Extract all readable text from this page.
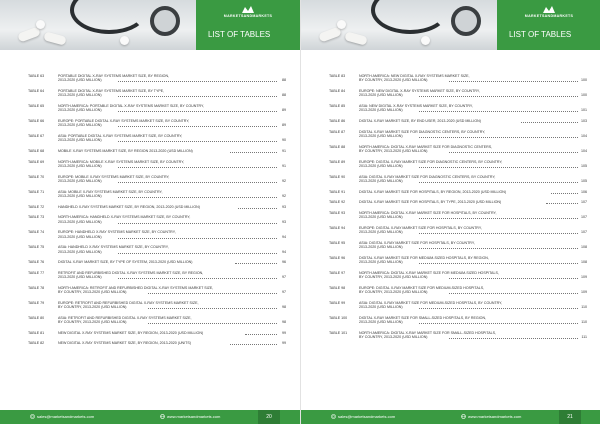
MARKETSANDMARKETS
LIST OF TABLES
TABLE 63	PORTABLE DIGITAL X-RAY SYSTEMS MARKET SIZE, BY REGION,
2013-2020 (USD MILLION)	88
TABLE 64	PORTABLE DIGITAL X-RAY SYSTEMS MARKET SIZE, BY TYPE,
2013-2020 (USD MILLION)	88
TABLE 65	NORTH AMERICA: PORTABLE DIGITAL X-RAY SYSTEMS MARKET SIZE, BY COUNTRY,
2013-2020 (USD MILLION)	89
TABLE 66	EUROPE: PORTABLE DIGITAL X-RAY SYSTEMS MARKET SIZE, BY COUNTRY,
2013-2020 (USD MILLION)	89
TABLE 67	ASIA: PORTABLE DIGITAL X-RAY SYSTEMS MARKET SIZE, BY COUNTRY,
2013-2020 (USD MILLION)	90
TABLE 68	MOBILE X-RAY SYSTEMS MARKET SIZE, BY REGION 2013-2020 (USD MILLION)	91
TABLE 69	NORTH AMERICA: MOBILE X-RAY SYSTEMS MARKET SIZE, BY COUNTRY,
2013-2020 (USD MILLION)	91
TABLE 70	EUROPE: MOBILE X-RAY SYSTEMS MARKET SIZE, BY COUNTRY,
2013-2020 (USD MILLION)	92
TABLE 71	ASIA: MOBILE X-RAY SYSTEMS MARKET SIZE, BY COUNTRY,
2013-2020 (USD MILLION)	92
TABLE 72	HANDHELD X-RAY SYSTEMS MARKET SIZE, BY REGION, 2013-2020 (USD MILLION)	93
TABLE 73	NORTH AMERICA: HANDHELD X-RAY SYSTEMS MARKET SIZE, BY COUNTRY,
2013-2020 (USD MILLION)	93
TABLE 74	EUROPE: HANDHELD X-RAY SYSTEMS MARKET SIZE, BY COUNTRY,
2013-2020 (USD MILLION)	94
TABLE 75	ASIA: HANDHELD X-RAY SYSTEMS MARKET SIZE, BY COUNTRY,
2013-2020 (USD MILLION)	94
TABLE 76	DIGITAL X-RAY MARKET SIZE, BY TYPE OF SYSTEM, 2013-2020 (USD MILLION)	96
TABLE 77	RETROFIT AND REFURBISHED DIGITAL X-RAY SYSTEMS MARKET SIZE, BY REGION,
2013-2020 (USD MILLION)	97
TABLE 78	NORTH AMERICA: RETROFIT AND REFURBISHED DIGITAL X-RAY SYSTEMS MARKET SIZE,
BY COUNTRY, 2013-2020 (USD MILLION)	97
TABLE 79	EUROPE: RETROFIT AND REFURBISHED DIGITAL X-RAY SYSTEMS MARKET SIZE,
BY COUNTRY, 2013-2020 (USD MILLION)	98
TABLE 80	ASIA: RETROFIT AND REFURBISHED DIGITAL X-RAY SYSTEMS MARKET SIZE,
BY COUNTRY, 2013-2020 (USD MILLION)	98
TABLE 81	NEW DIGITAL X-RAY SYSTEMS MARKET SIZE, BY REGION, 2013-2020 (USD MILLION)	99
TABLE 82	NEW DIGITAL X-RAY SYSTEMS MARKET SIZE, BY REGION, 2013-2020 (UNITS)	99
sales@marketsandmarkets.com	www.marketsandmarkets.com	20
MARKETSANDMARKETS
LIST OF TABLES
TABLE 83	NORTH AMERICA: NEW DIGITAL X-RAY SYSTEMS MARKET SIZE,
BY COUNTRY, 2013-2020 (USD MILLION)	100
TABLE 84	EUROPE: NEW DIGITAL X-RAY SYSTEMS MARKET SIZE, BY COUNTRY,
2013-2020 (USD MILLION)	100
TABLE 85	ASIA: NEW DIGITAL X-RAY SYSTEMS MARKET SIZE, BY COUNTRY,
2013-2020 (USD MILLION)	101
TABLE 86	DIGITAL X-RAY MARKET SIZE, BY END USER, 2013-2020 (USD MILLION)	103
TABLE 87	DIGITAL X-RAY MARKET SIZE FOR DIAGNOSTIC CENTERS, BY COUNTRY,
2013-2020 (USD MILLION)	104
TABLE 88	NORTH AMERICA: DIGITAL X-RAY MARKET SIZE FOR DIAGNOSTIC CENTERS,
BY COUNTRY, 2013-2020 (USD MILLION)	104
TABLE 89	EUROPE: DIGITAL X-RAY MARKET SIZE FOR DIAGNOSTIC CENTERS, BY COUNTRY,
2013-2020 (USD MILLION)	105
TABLE 90	ASIA: DIGITAL X-RAY MARKET SIZE FOR DIAGNOSTIC CENTERS, BY COUNTRY,
2013-2020 (USD MILLION)	105
TABLE 91	DIGITAL X-RAY MARKET SIZE FOR HOSPITALS, BY REGION, 2013-2020 (USD MILLION)	106
TABLE 92	DIGITAL X-RAY MARKET SIZE FOR HOSPITALS, BY TYPE, 2013-2020 (USD MILLION)	107
TABLE 93	NORTH AMERICA: DIGITAL X-RAY MARKET SIZE FOR HOSPITALS, BY COUNTRY,
2013-2020 (USD MILLION)	107
TABLE 94	EUROPE: DIGITAL X-RAY MARKET SIZE FOR HOSPITALS, BY COUNTRY,
2013-2020 (USD MILLION)	107
TABLE 95	ASIA: DIGITAL X-RAY MARKET SIZE FOR HOSPITALS, BY COUNTRY,
2013-2020 (USD MILLION)	108
TABLE 96	DIGITAL X-RAY MARKET SIZE FOR MEDIUM-SIZED HOSPITALS, BY REGION,
2013-2020 (USD MILLION)	108
TABLE 97	NORTH AMERICA: DIGITAL X-RAY MARKET SIZE FOR MEDIUM-SIZED HOSPITALS,
BY COUNTRY, 2013-2020 (USD MILLION)	109
TABLE 98	EUROPE: DIGITAL X-RAY MARKET SIZE FOR MEDIUM-SIZED HOSPITALS,
BY COUNTRY, 2013-2020 (USD MILLION)	109
TABLE 99	ASIA: DIGITAL X-RAY MARKET SIZE FOR MEDIUM-SIZED HOSPITALS, BY COUNTRY,
2013-2020 (USD MILLION)	110
TABLE 100	DIGITAL X-RAY MARKET SIZE FOR SMALL-SIZED HOSPITALS, BY REGION,
2013-2020 (USD MILLION)	110
TABLE 101	NORTH AMERICA: DIGITAL X-RAY MARKET SIZE FOR SMALL-SIZED HOSPITALS,
BY COUNTRY, 2013-2020 (USD MILLION)	111
sales@marketsandmarkets.com	www.marketsandmarkets.com	21
